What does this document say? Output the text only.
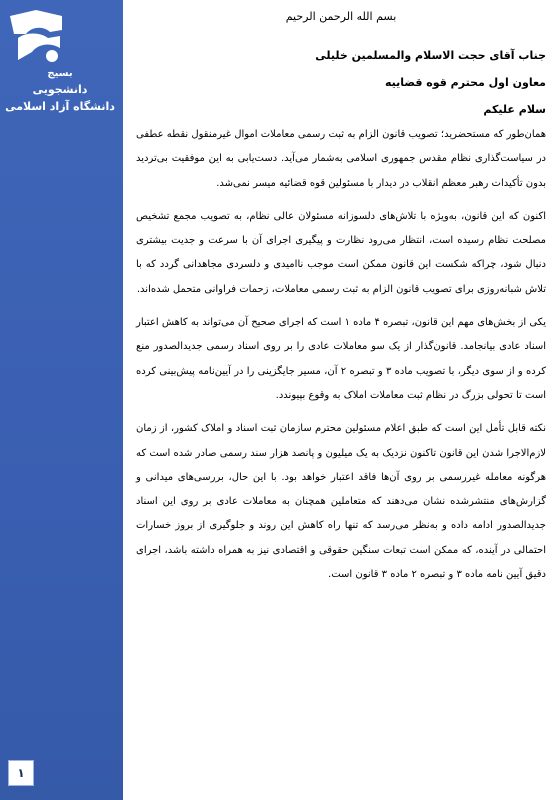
بسیج
دانشجویی
دانشگاه آزاد اسلامی
۱
بسم الله الرحمن الرحیم
جناب آقای حجت الاسلام والمسلمین خلیلی
معاون اول محترم قوه قضاییه
سلام علیکم

همان‌طور که مستحضرید؛ تصویب قانون الزام به ثبت رسمی معاملات اموال غیرمنقول نقطه عطفی در سیاست‌گذاری نظام مقدس جمهوری اسلامی به‌شمار می‌آید. دست‌یابی به این موفقیت بی‌تردید بدون تأکیدات رهبر معظم انقلاب در دیدار با مسئولین قوه قضائیه میسر نمی‌شد.

اکنون که این قانون، به‌ویژه با تلاش‌های دلسوزانه مسئولان عالی نظام، به تصویب مجمع تشخیص مصلحت نظام رسیده است، انتظار می‌رود نظارت و پیگیری اجرای آن با سرعت و جدیت بیشتری دنبال شود، چراکه شکست این قانون ممکن است موجب ناامیدی و دلسردی مجاهدانی گردد که با تلاش شبانه‌روزی برای تصویب قانون الزام به ثبت رسمی معاملات، زحمات فراوانی متحمل شده‌اند.

یکی از بخش‌های مهم این قانون، تبصره ۴ ماده ۱ است که اجرای صحیح آن می‌تواند به کاهش اعتبار اسناد عادی بیانجامد. قانون‌گذار از یک سو معاملات عادی را بر روی اسناد رسمی جدیدالصدور منع کرده و از سوی دیگر، با تصویب ماده ۳ و تبصره ۲ آن، مسیر جایگزینی را در آیین‌نامه پیش‌بینی کرده است تا تحولی بزرگ در نظام ثبت معاملات املاک به وقوع بپیوندد.

نکته قابل تأمل این است که طبق اعلام مسئولین محترم سازمان ثبت اسناد و املاک کشور، از زمان لازم‌الاجرا شدن این قانون تاکنون نزدیک به یک میلیون و پانصد هزار سند رسمی صادر شده است که هرگونه معامله غیررسمی بر روی آن‌ها فاقد اعتبار خواهد بود. با این حال، بررسی‌های میدانی و گزارش‌های منتشرشده نشان می‌دهند که متعاملین همچنان به معاملات عادی بر روی این اسناد جدیدالصدور ادامه داده و به‌نظر می‌رسد که تنها راه کاهش این روند و جلوگیری از بروز خسارات احتمالی در آینده، که ممکن است تبعات سنگین حقوقی و اقتصادی نیز به همراه داشته باشد، اجرای دقیق آیین نامه ماده ۳ و تبصره ۲ ماده ۳ قانون است.
